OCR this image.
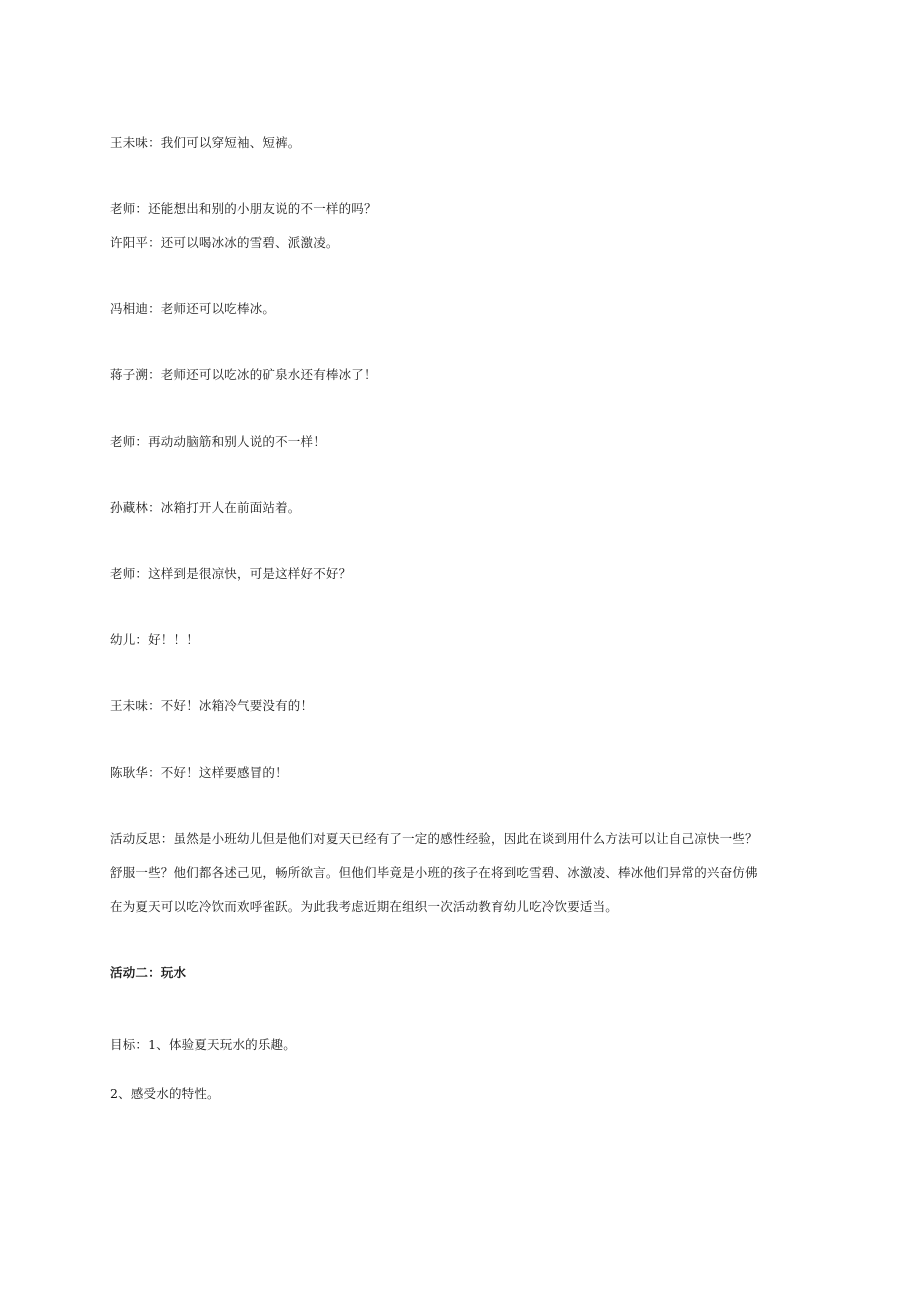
王未味：我们可以穿短袖、短裤。
老师：还能想出和别的小朋友说的不一样的吗？
许阳平：还可以喝冰冰的雪碧、派激凌。
冯相迪：老师还可以吃棒冰。
蒋子溯：老师还可以吃冰的矿泉水还有棒冰了！
老师：再动动脑筋和别人说的不一样！
孙藏林：冰箱打开人在前面站着。
老师：这样到是很凉快，可是这样好不好？
幼儿：好！！！
王未味：不好！冰箱冷气要没有的！
陈耿华：不好！这样要感冒的！
活动反思：虽然是小班幼儿但是他们对夏天已经有了一定的感性经验，因此在谈到用什么方法可以让自己凉快一些？
舒服一些？他们都各述己见，畅所欲言。但他们毕竟是小班的孩子在将到吃雪碧、冰激凌、棒冰他们异常的兴奋仿佛
在为夏天可以吃冷饮而欢呼雀跃。为此我考虑近期在组织一次活动教育幼儿吃冷饮要适当。
活动二：玩水
目标：1、体验夏天玩水的乐趣。
2、感受水的特性。
